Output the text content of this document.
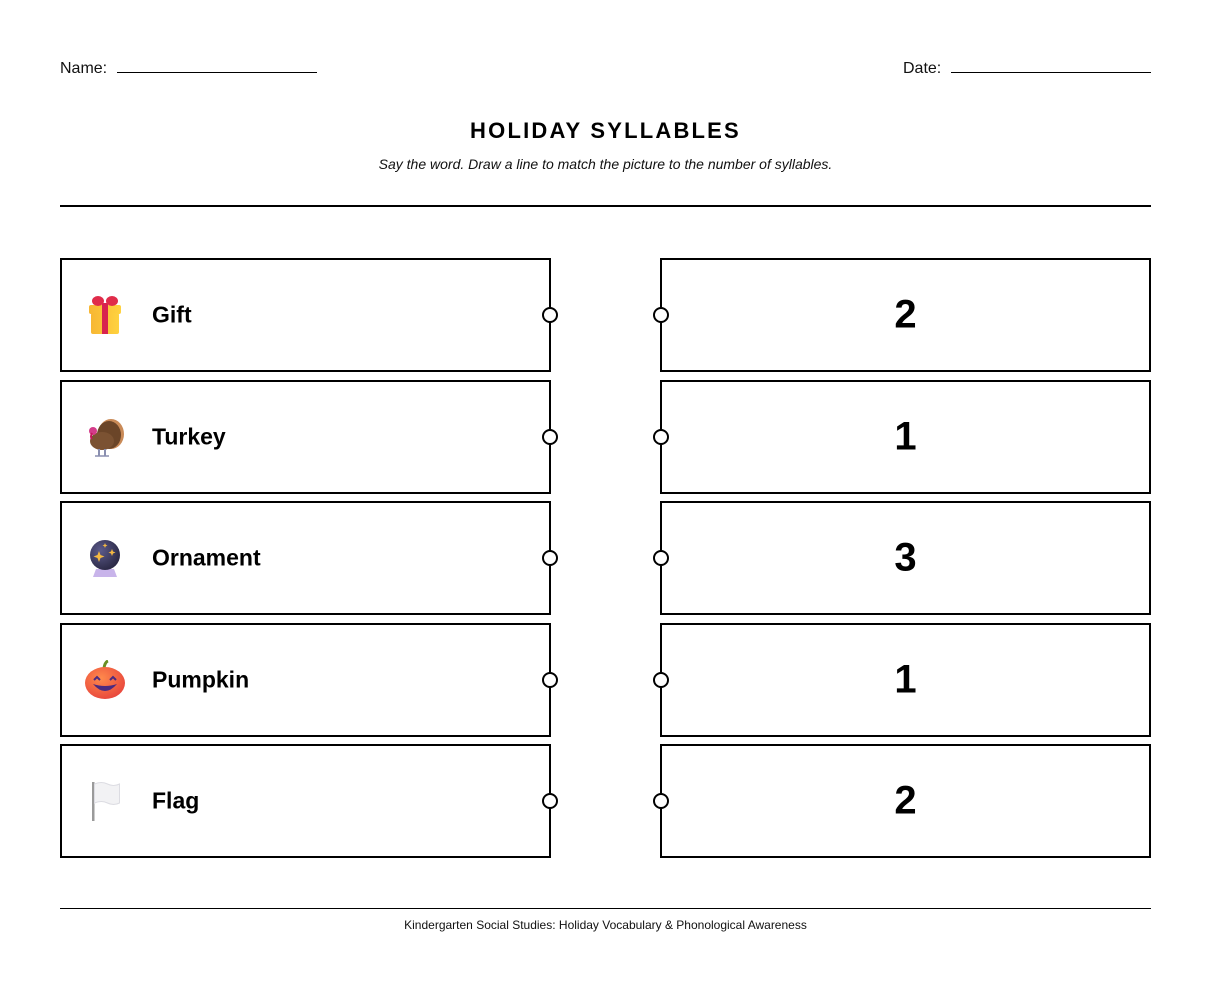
Name:	Date:
HOLIDAY SYLLABLES
Say the word. Draw a line to match the picture to the number of syllables.
Gift
Turkey
Ornament
Pumpkin
Flag
2
1
3
1
2
Kindergarten Social Studies: Holiday Vocabulary & Phonological Awareness
